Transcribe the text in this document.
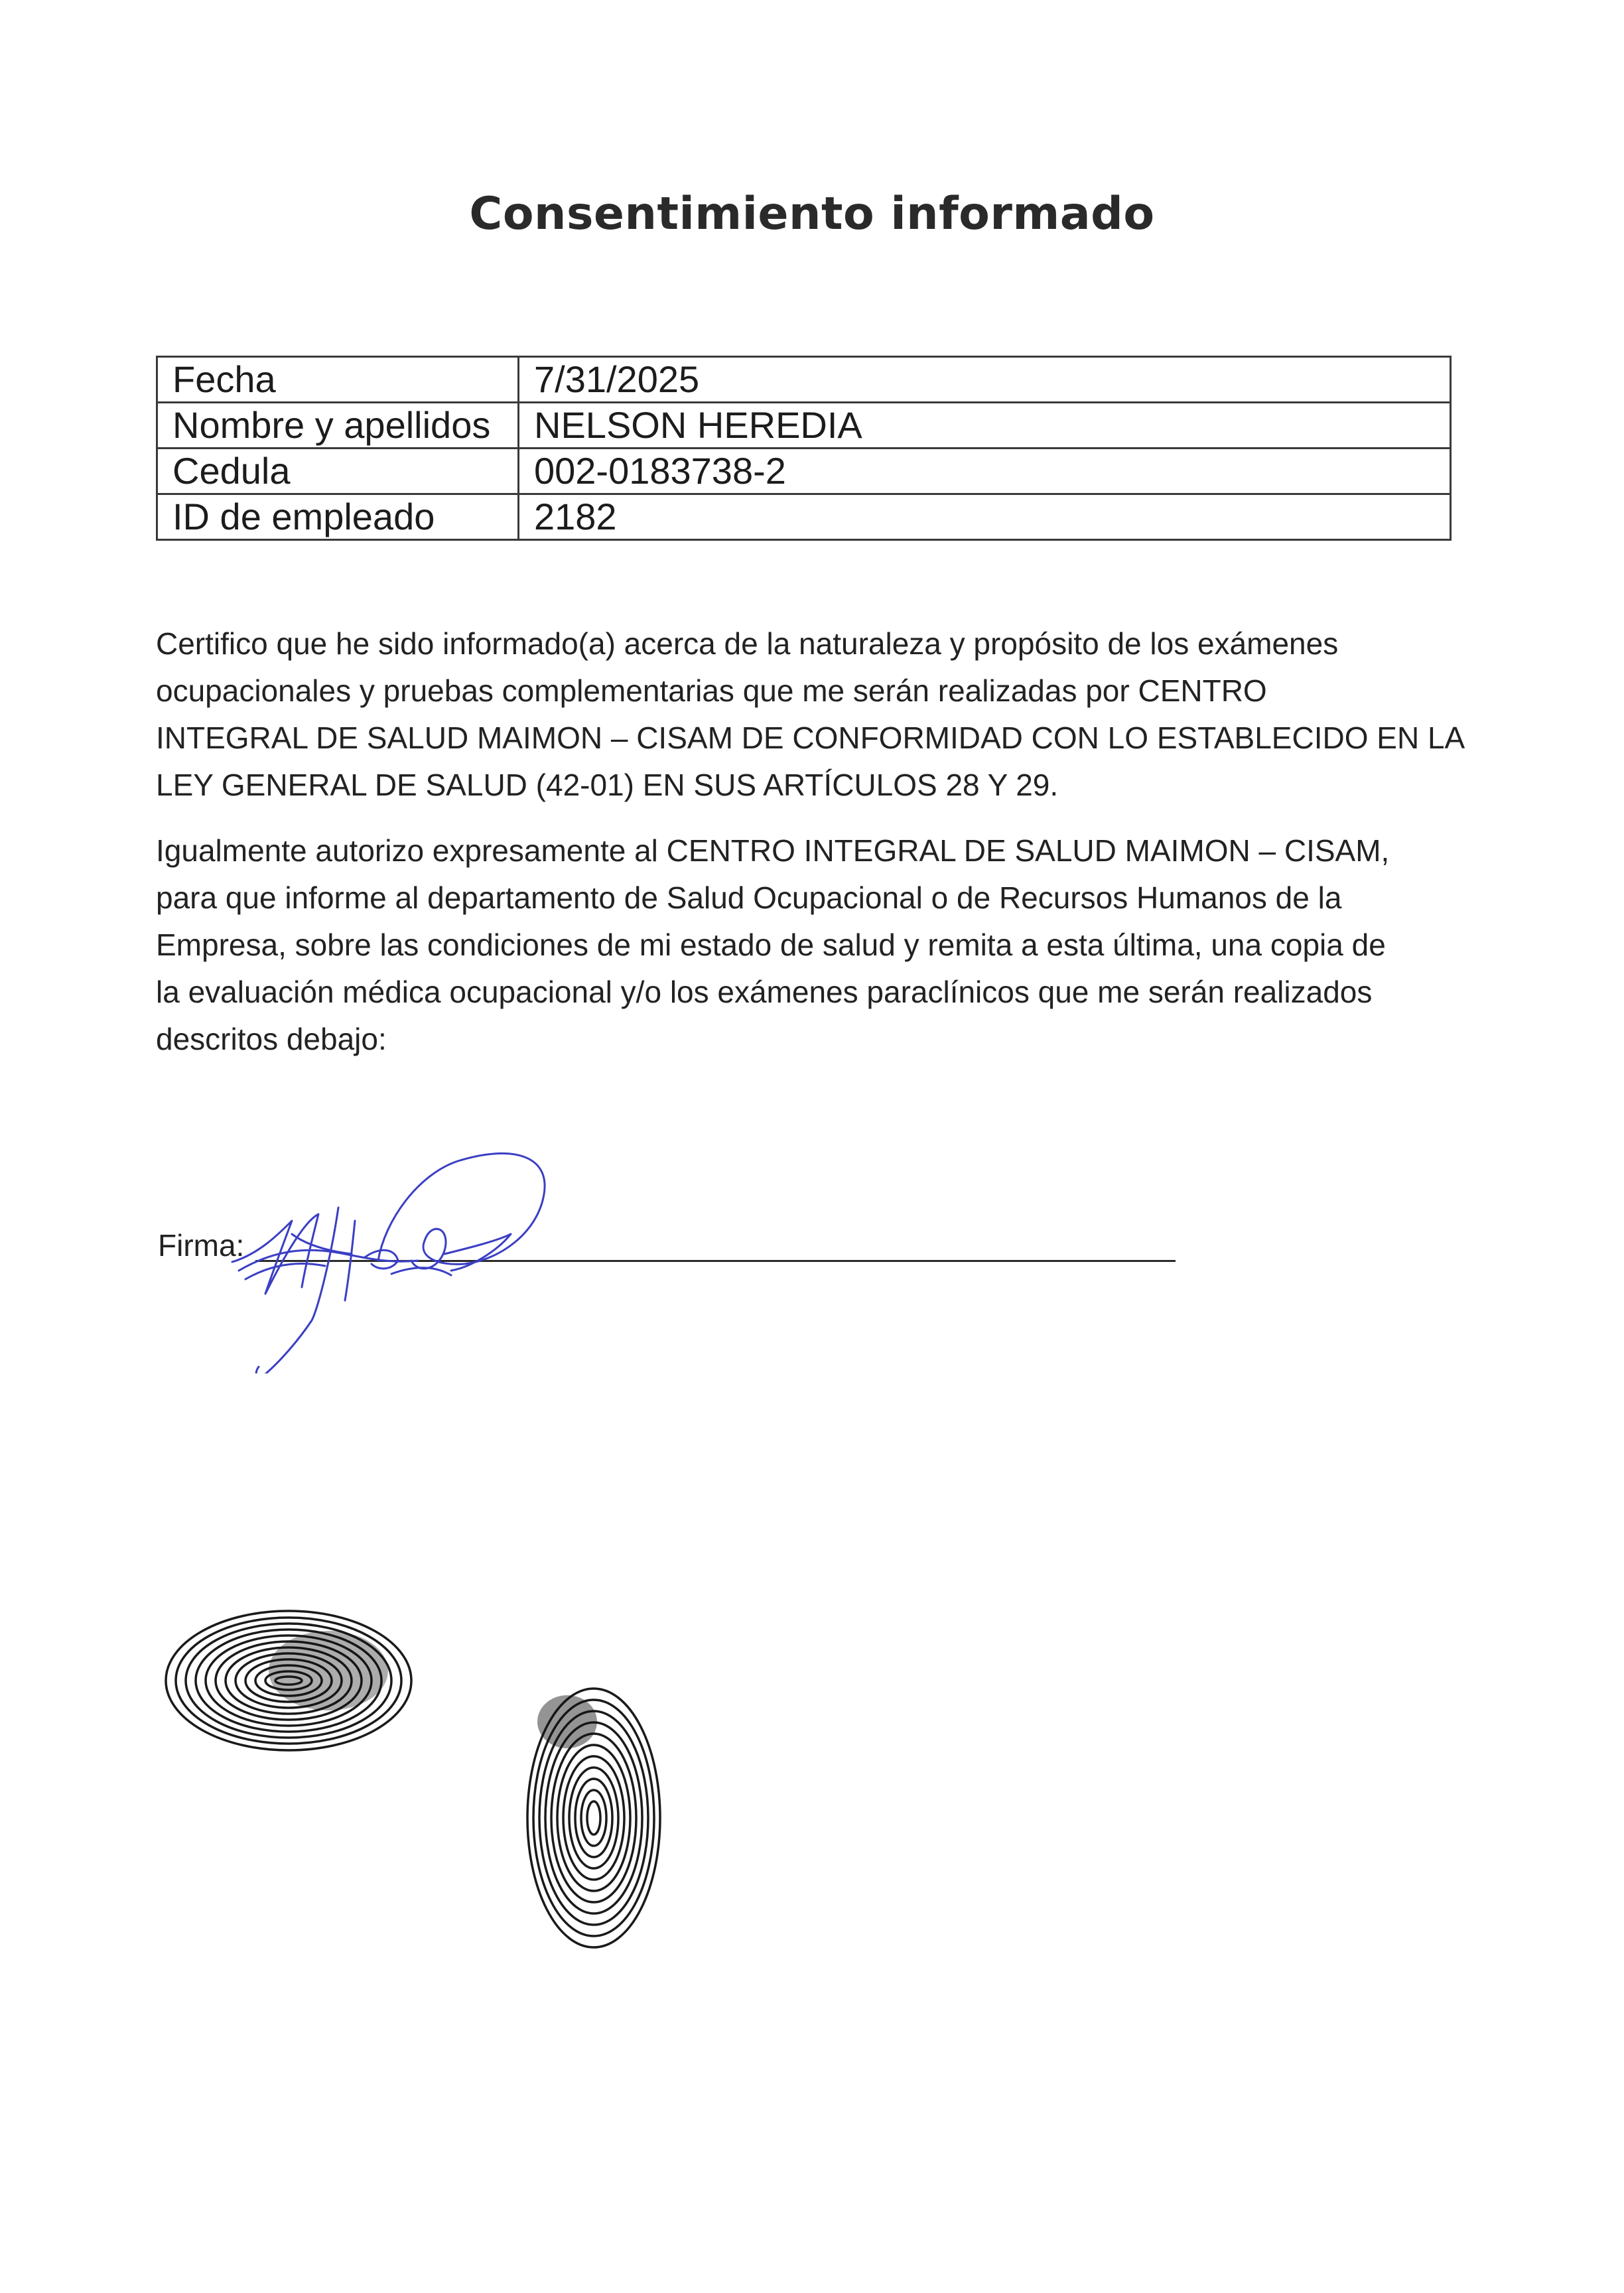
Consentimiento informado
Fecha	7/31/2025
Nombre y apellidos	NELSON HEREDIA
Cedula	002-0183738-2
ID de empleado	2182
Certifico que he sido informado(a) acerca de la naturaleza y propósito de los exámenes
ocupacionales y pruebas complementarias que me serán realizadas por CENTRO
INTEGRAL DE SALUD MAIMON – CISAM DE CONFORMIDAD CON LO ESTABLECIDO EN LA
LEY GENERAL DE SALUD (42-01) EN SUS ARTÍCULOS 28 Y 29.
Igualmente autorizo expresamente al CENTRO INTEGRAL DE SALUD MAIMON – CISAM,
para que informe al departamento de Salud Ocupacional o de Recursos Humanos de la
Empresa, sobre las condiciones de mi estado de salud y remita a esta última, una copia de
la evaluación médica ocupacional y/o los exámenes paraclínicos que me serán realizados
descritos debajo:
Firma:
